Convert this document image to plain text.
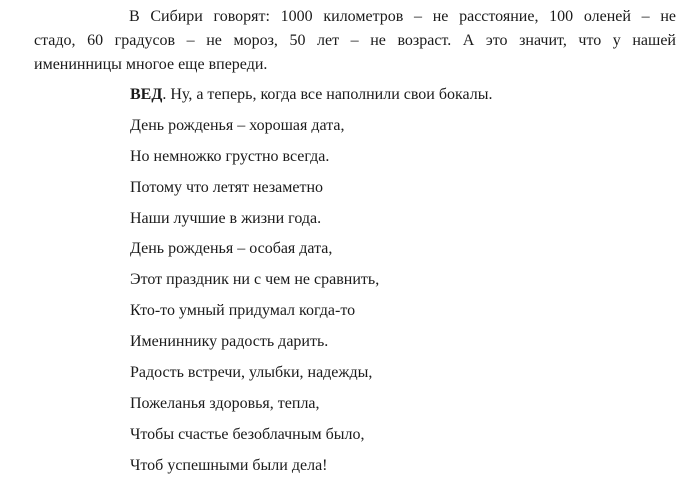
В Сибири говорят: 1000 километров – не расстояние, 100 оленей – не
стадо, 60 градусов – не мороз, 50 лет – не возраст. А это значит, что у нашей
именинницы многое еще впереди.
ВЕД. Ну, а теперь, когда все наполнили свои бокалы.
День рожденья – хорошая дата,
Но немножко грустно всегда.
Потому что летят незаметно
Наши лучшие в жизни года.
День рожденья – особая дата,
Этот праздник ни с чем не сравнить,
Кто-то умный придумал когда-то
Имениннику радость дарить.
Радость встречи, улыбки, надежды,
Пожеланья здоровья, тепла,
Чтобы счастье безоблачным было,
Чтоб успешными были дела!
